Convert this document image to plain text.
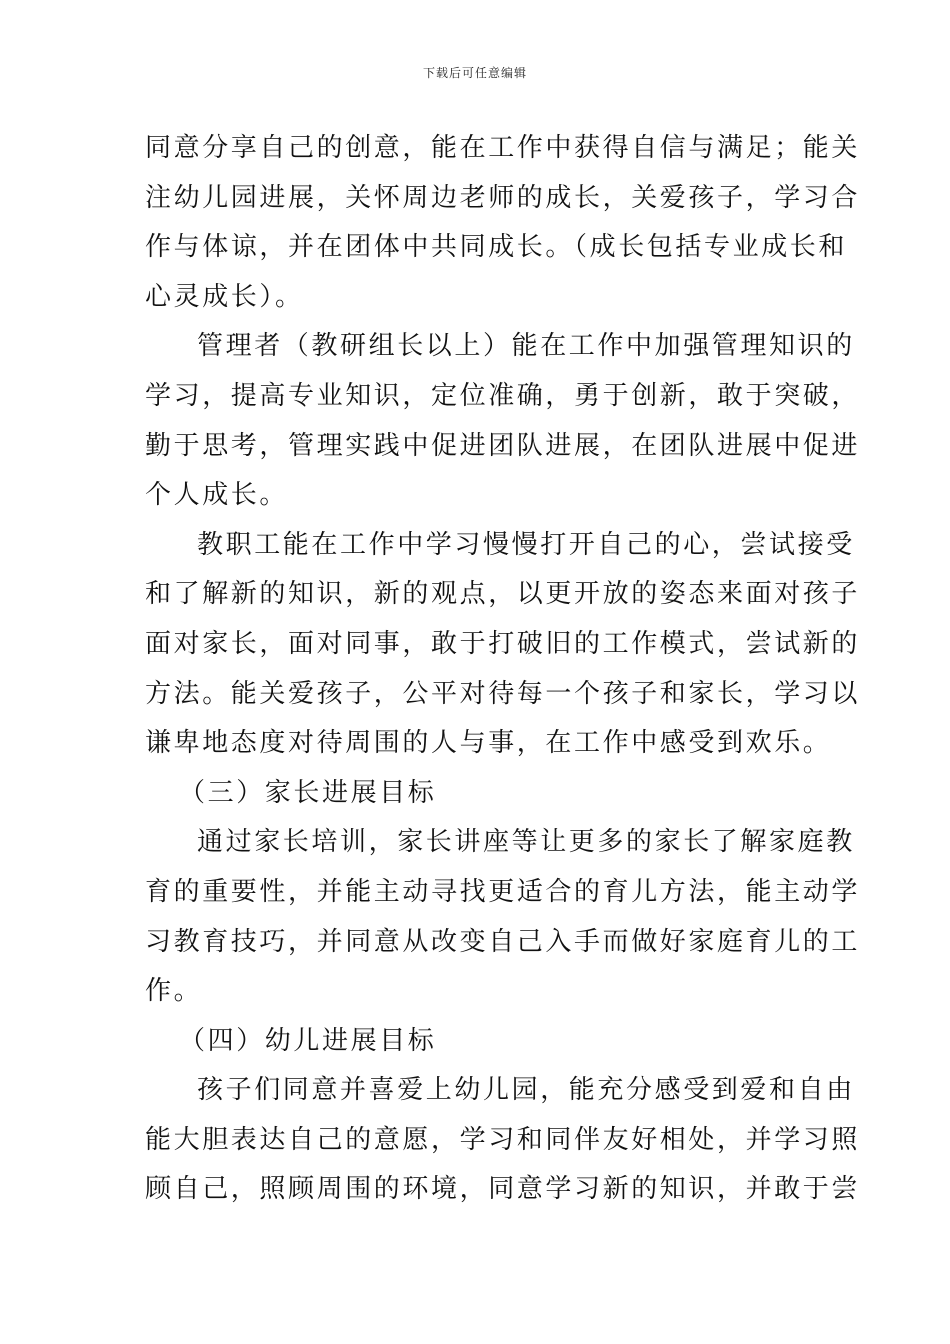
下载后可任意编辑
同意分享自己的创意，能在工作中获得自信与满足；能关
注幼儿园进展，关怀周边老师的成长，关爱孩子，学习合
作与体谅，并在团体中共同成长。（成长包括专业成长和
心灵成长）。
管理者（教研组长以上）能在工作中加强管理知识的
学习，提高专业知识，定位准确，勇于创新，敢于突破，
勤于思考，管理实践中促进团队进展，在团队进展中促进
个人成长。
教职工能在工作中学习慢慢打开自己的心，尝试接受
和了解新的知识，新的观点，以更开放的姿态来面对孩子
面对家长，面对同事，敢于打破旧的工作模式，尝试新的
方法。能关爱孩子，公平对待每一个孩子和家长，学习以
谦卑地态度对待周围的人与事，在工作中感受到欢乐。
（三）家长进展目标
通过家长培训，家长讲座等让更多的家长了解家庭教
育的重要性，并能主动寻找更适合的育儿方法，能主动学
习教育技巧，并同意从改变自己入手而做好家庭育儿的工
作。
（四）幼儿进展目标
孩子们同意并喜爱上幼儿园，能充分感受到爱和自由
能大胆表达自己的意愿，学习和同伴友好相处，并学习照
顾自己，照顾周围的环境，同意学习新的知识，并敢于尝
